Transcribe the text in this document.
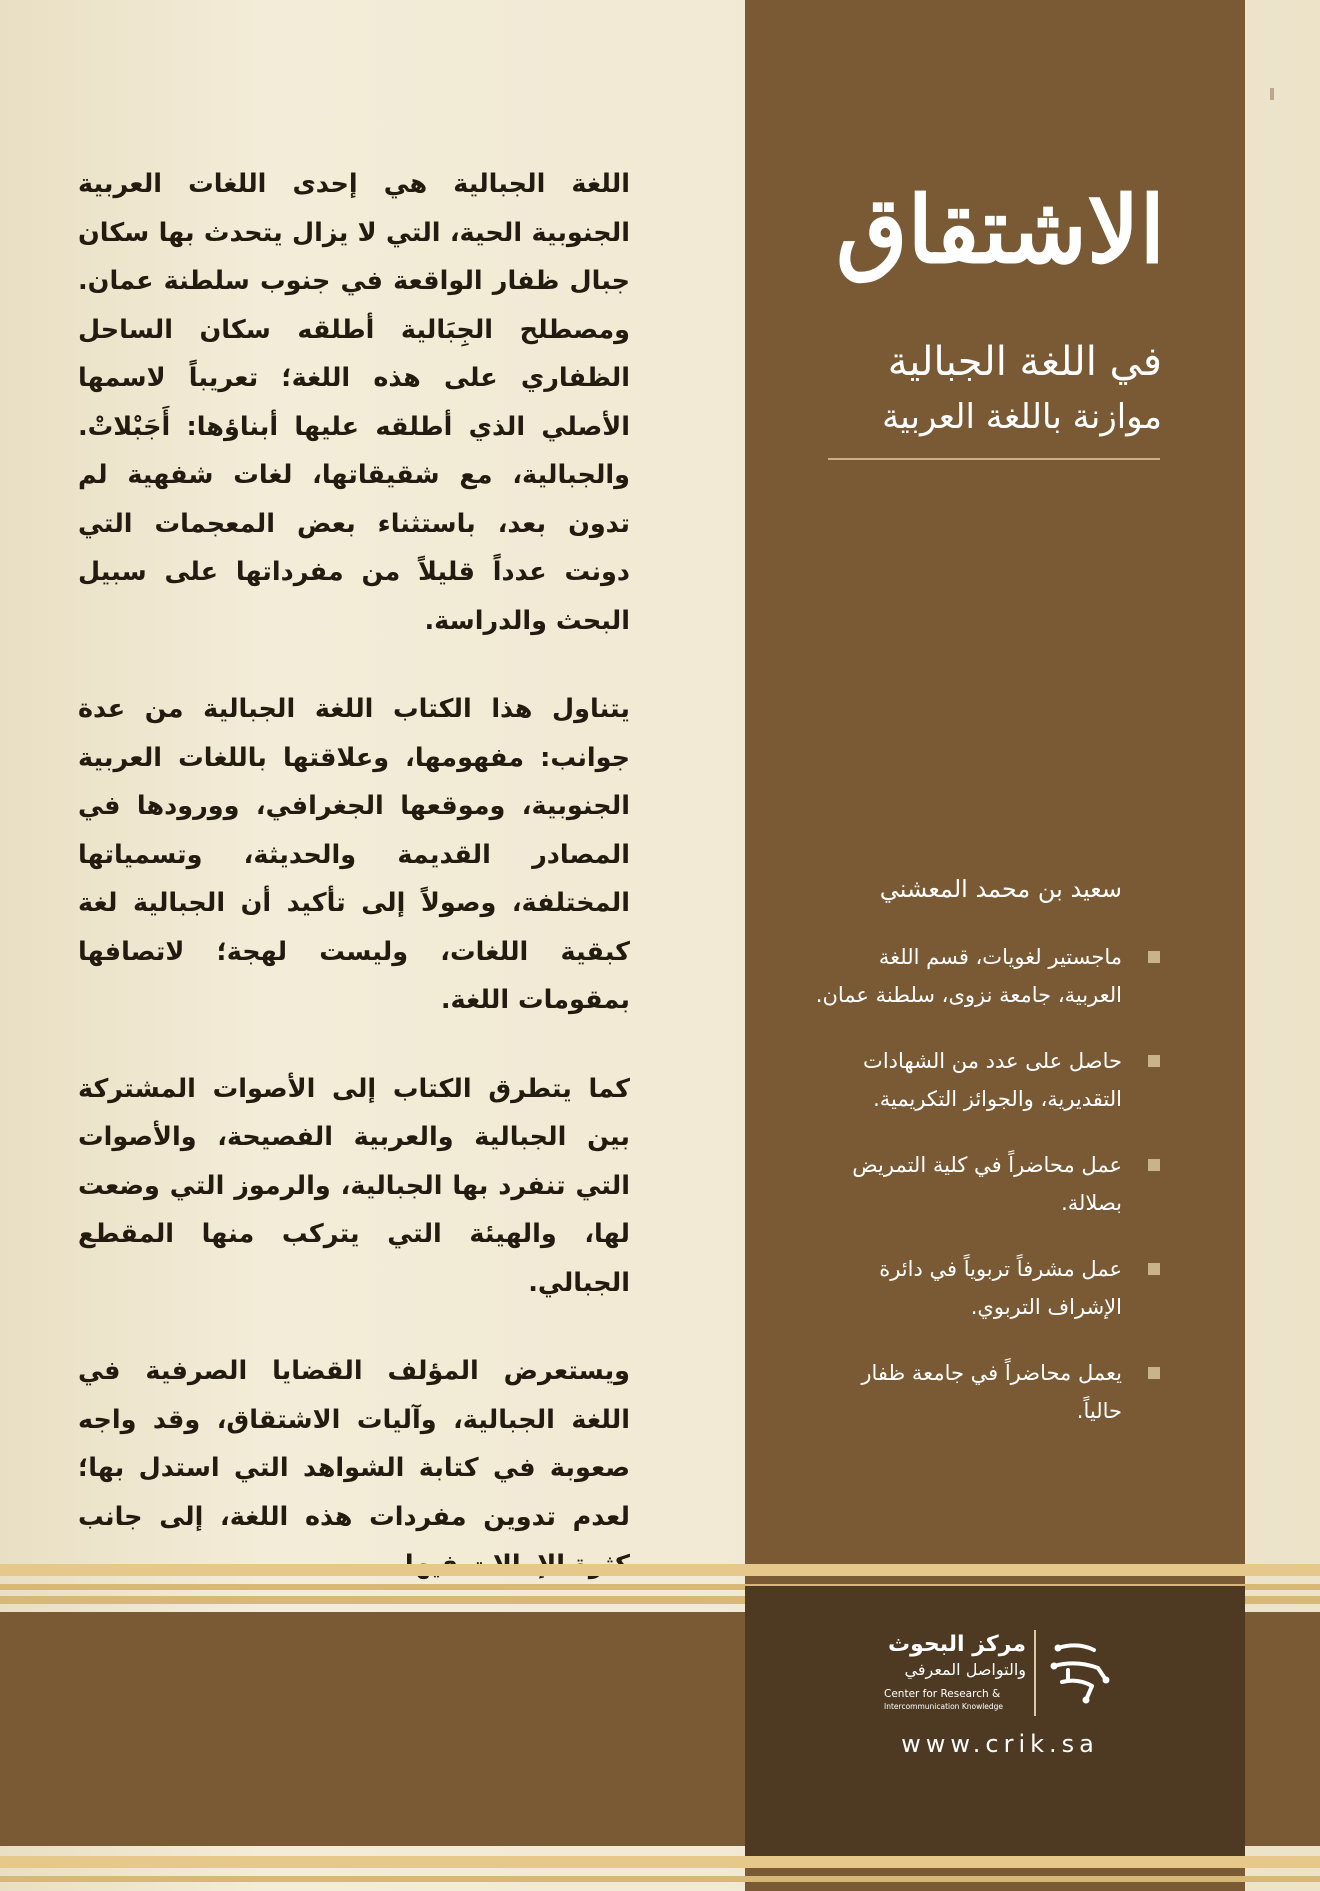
اللغة الجبالية هي إحدى اللغات العربية الجنوبية الحية، التي لا يزال يتحدث بها سكان جبال ظفار الواقعة في جنوب سلطنة عمان. ومصطلح الجِبَالية أطلقه سكان الساحل الظفاري على هذه اللغة؛ تعريباً لاسمها الأصلي الذي أطلقه عليها أبناؤها: أَجَبْلاتْ. والجبالية، مع شقيقاتها، لغات شفهية لم تدون بعد، باستثناء بعض المعجمات التي دونت عدداً قليلاً من مفرداتها على سبيل البحث والدراسة.

يتناول هذا الكتاب اللغة الجبالية من عدة جوانب: مفهومها، وعلاقتها باللغات العربية الجنوبية، وموقعها الجغرافي، وورودها في المصادر القديمة والحديثة، وتسمياتها المختلفة، وصولاً إلى تأكيد أن الجبالية لغة كبقية اللغات، وليست لهجة؛ لاتصافها بمقومات اللغة.

كما يتطرق الكتاب إلى الأصوات المشتركة بين الجبالية والعربية الفصيحة، والأصوات التي تنفرد بها الجبالية، والرموز التي وضعت لها، والهيئة التي يتركب منها المقطع الجبالي.

ويستعرض المؤلف القضايا الصرفية في اللغة الجبالية، وآليات الاشتقاق، وقد واجه صعوبة في كتابة الشواهد التي استدل بها؛ لعدم تدوين مفردات هذه اللغة، إلى جانب

الاشتقاق
في اللغة الجبالية
موازنة باللغة العربية
سعيد بن محمد المعشني
ماجستير لغويات، قسم اللغة العربية، جامعة نزوى، سلطنة عمان.
حاصل على عدد من الشهادات التقديرية، والجوائز التكريمية.
عمل محاضراً في كلية التمريض بصلالة.
عمل مشرفاً تربوياً في دائرة الإشراف التربوي.
يعمل محاضراً في جامعة ظفار حالياً.
مركز البحوث
والتواصل المعرفي
Center for Research &
Intercommunication Knowledge
www.crik.sa
